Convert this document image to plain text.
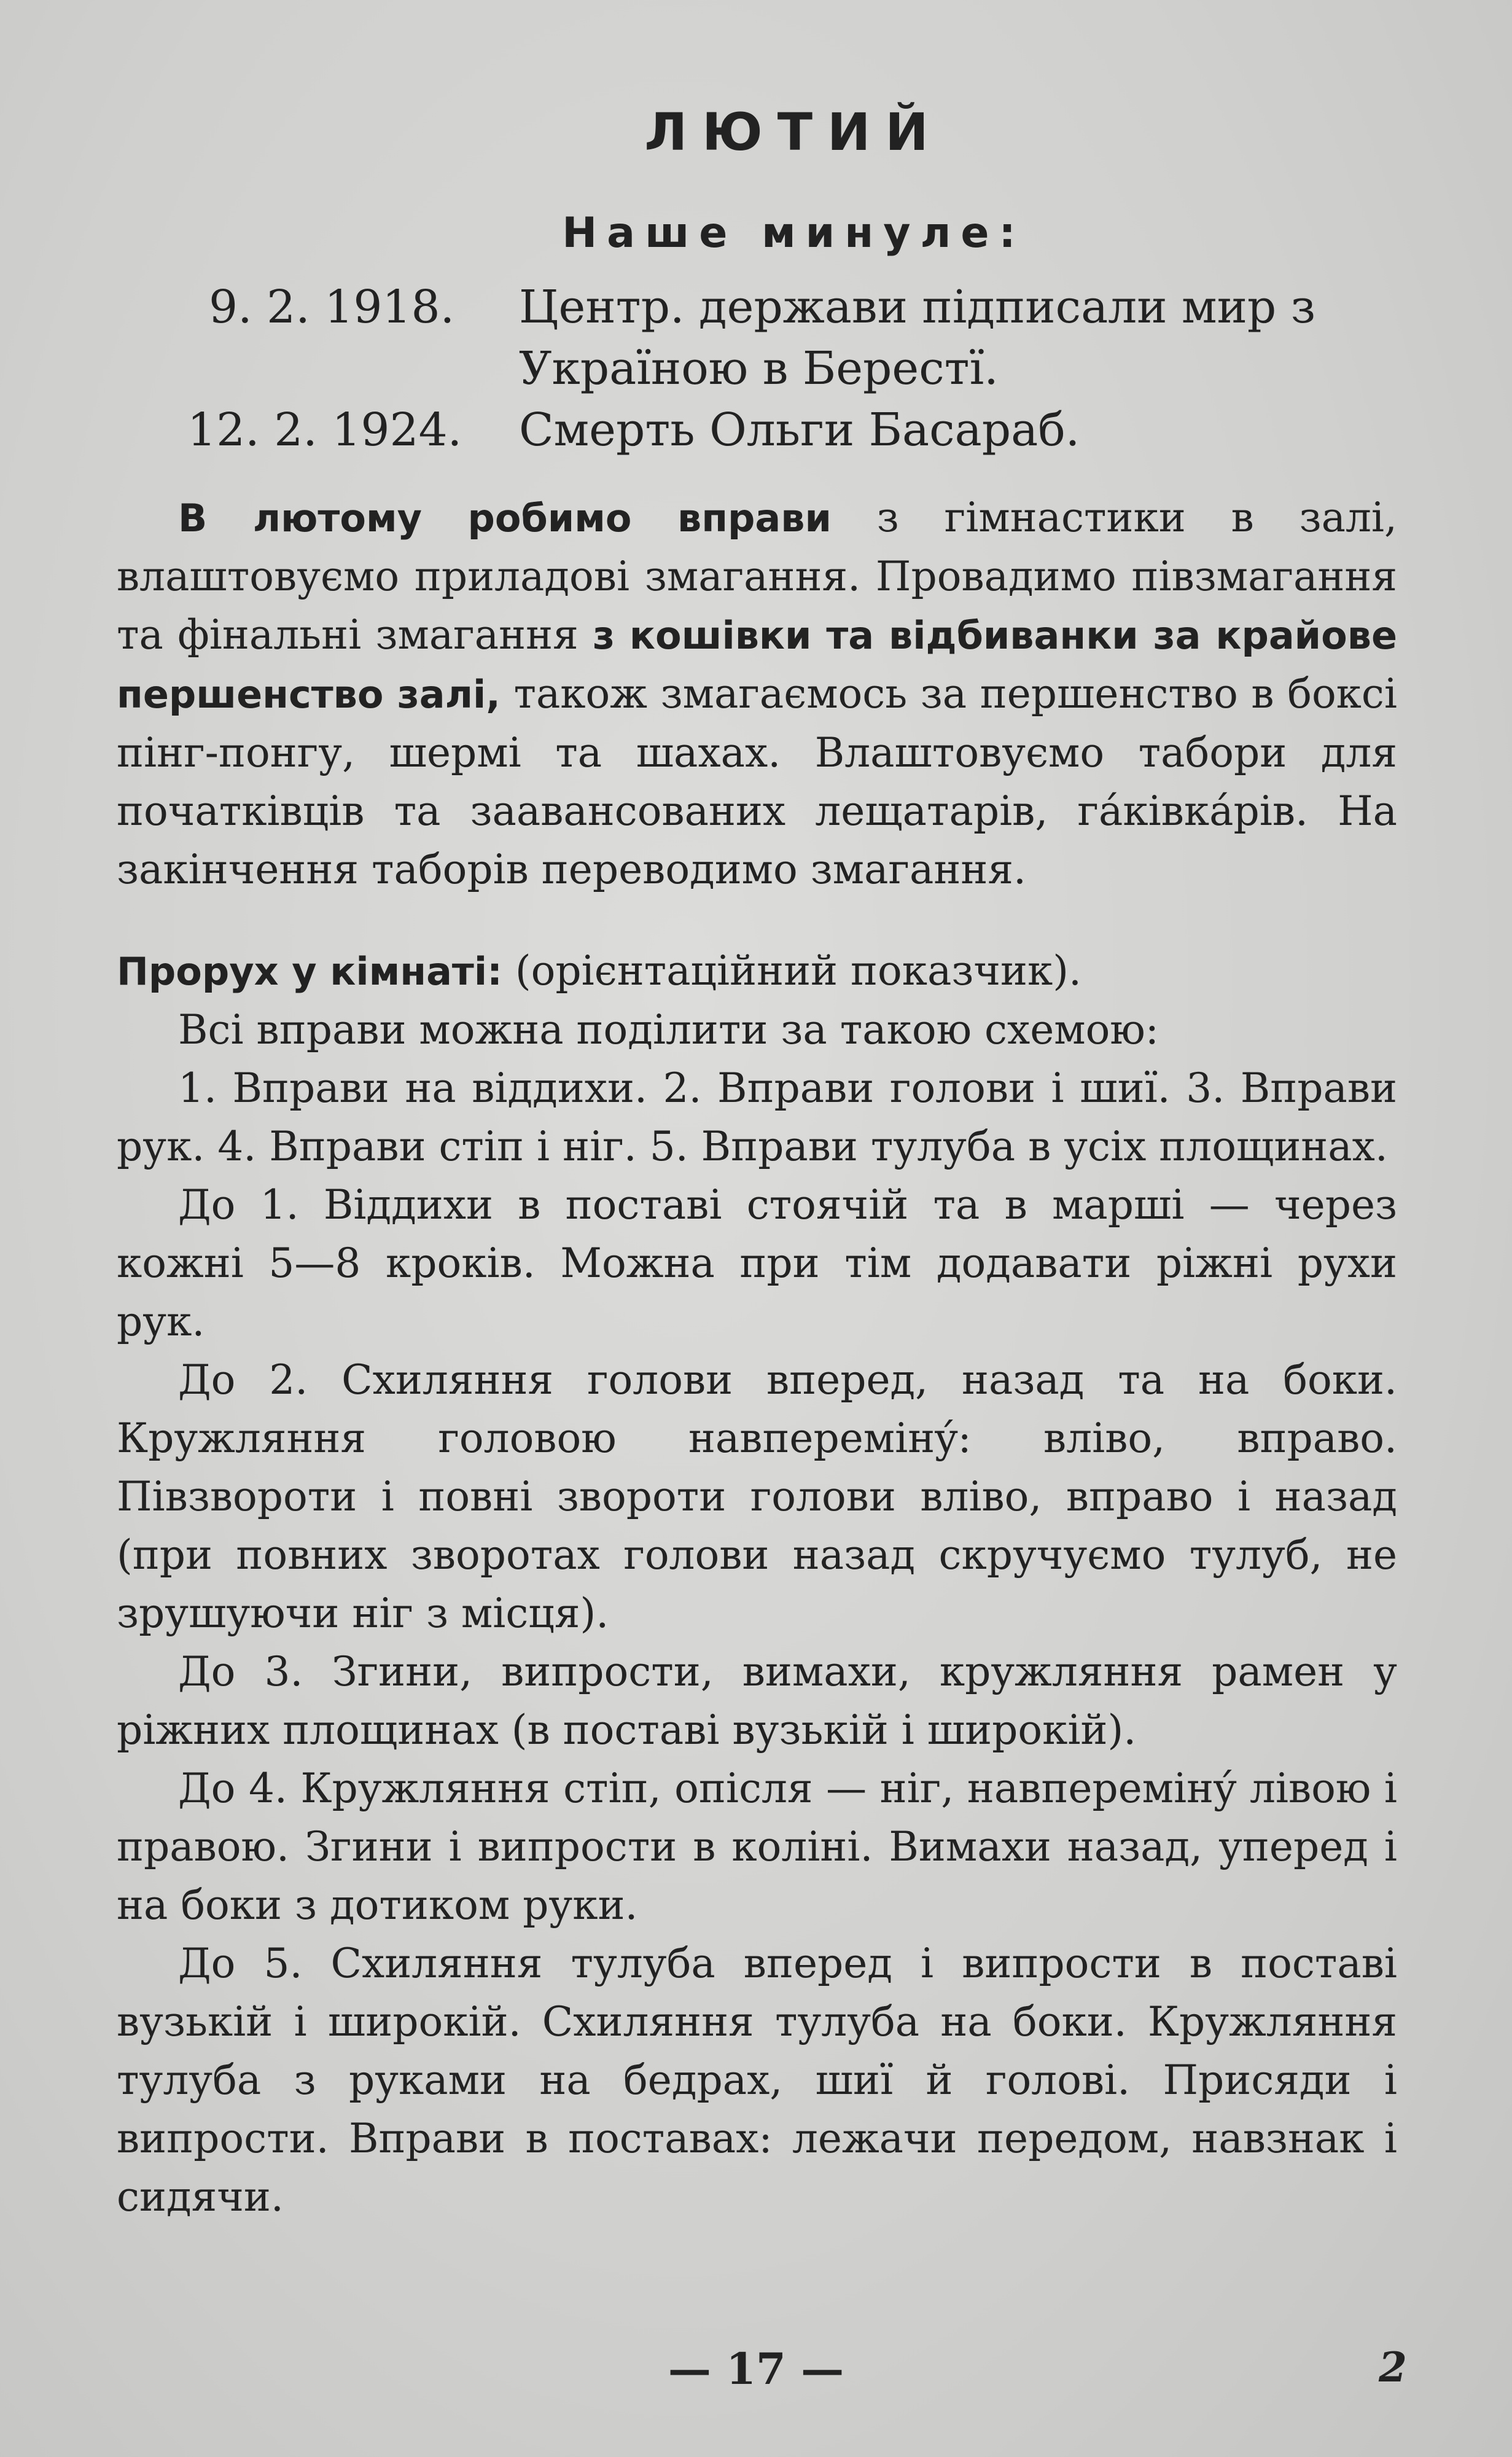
ЛЮТИЙ
Наше минуле:
9. 2. 1918. Центр. держави підписали мир з Україною в Берестї.
12. 2. 1924. Смерть Ольги Басараб.

В лютому робимо вправи з гімнастики в залі, влаштовуємо приладові змагання. Провадимо півзмагання та фінальні змагання з кошівки та відбиванки за крайове першенство залі, також змагаємось за першенство в боксі пінг-понгу, шермі та шахах. Влаштовуємо табори для початківців та заавансованих лещатарів, гáківкáрів. На закінчення таборів переводимо змагання.

Прорух у кімнаті: (орієнтаційний показчик).

Всі вправи можна поділити за такою схемою:

1. Вправи на віддихи. 2. Вправи голови і шиї. 3. Вправи рук. 4. Вправи стіп і ніг. 5. Вправи тулуба в усіх площинах.

До 1. Віддихи в поставі стоячій та в марші — через кожні 5—8 кроків. Можна при тім додавати ріжні рухи рук.

До 2. Схиляння голови вперед, назад та на боки. Кружляння головою навперемінý: вліво, вправо. Півзвороти і повні звороти голови вліво, вправо і назад (при повних зворотах голови назад скручуємо тулуб, не зрушуючи ніг з місця).

До 3. Згини, випрости, вимахи, кружляння рамен у ріжних площинах (в поставі вузькій і широкій).

До 4. Кружляння стіп, опісля — ніг, навперемінý лівою і правою. Згини і випрости в коліні. Вимахи назад, уперед і на боки з дотиком руки.

До 5. Схиляння тулуба вперед і випрости в поставі вузькій і широкій. Схиляння тулуба на боки. Кружляння тулуба з руками на бедрах, шиї й голові. Присяди і випрости. Вправи в поставах: лежачи передом, навзнак і сидячи.

— 17 —	2
